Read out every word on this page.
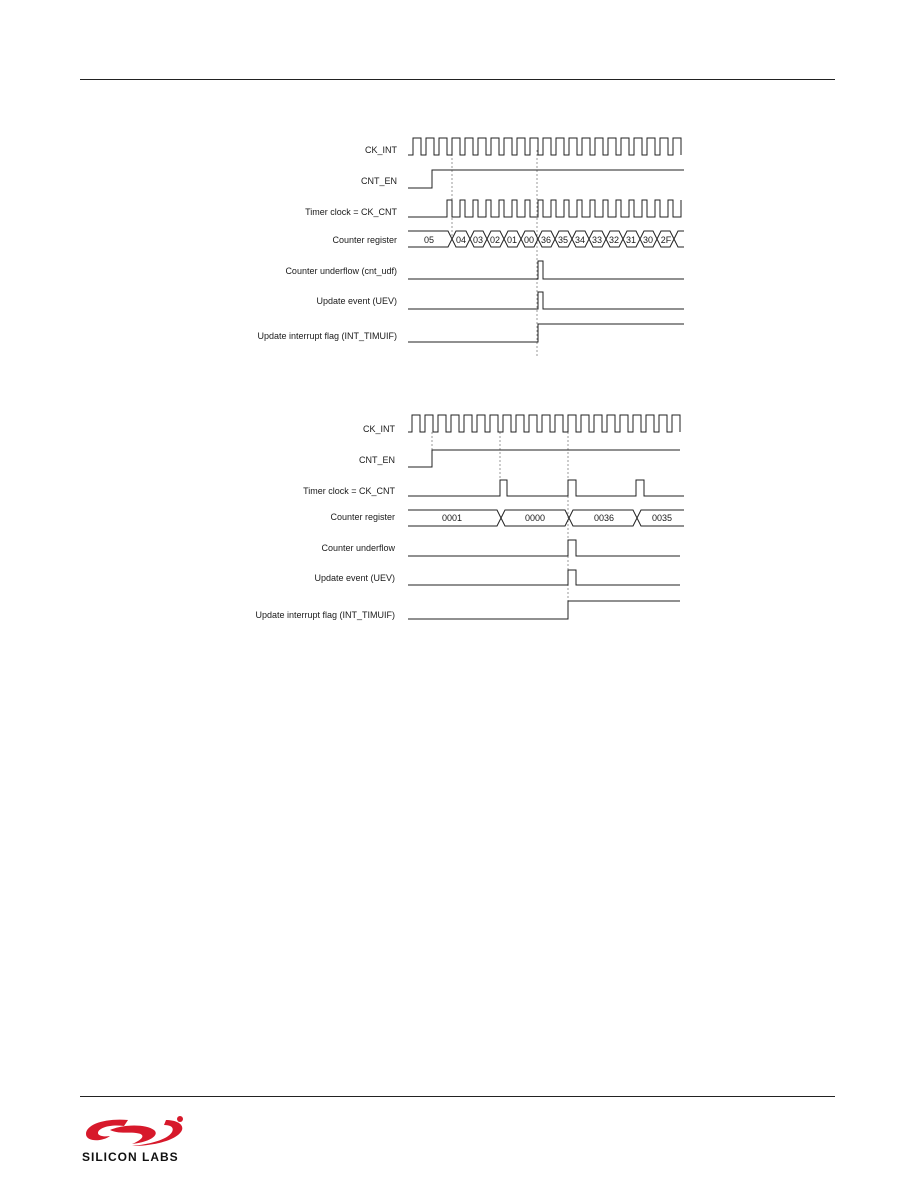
CK_INT
CNT_EN
Timer clock = CK_CNT
Counter register
Counter underflow (cnt_udf)
Update event (UEV)
Update interrupt flag (INT_TIMUIF)
05 04 03 02 01 00 36 35 34 33 32 31 30 2F
CK_INT
CNT_EN
Timer clock = CK_CNT
Counter register
Counter underflow
Update event (UEV)
Update interrupt flag (INT_TIMUIF)
0001	0000	0036	0035
SILICON LABS
